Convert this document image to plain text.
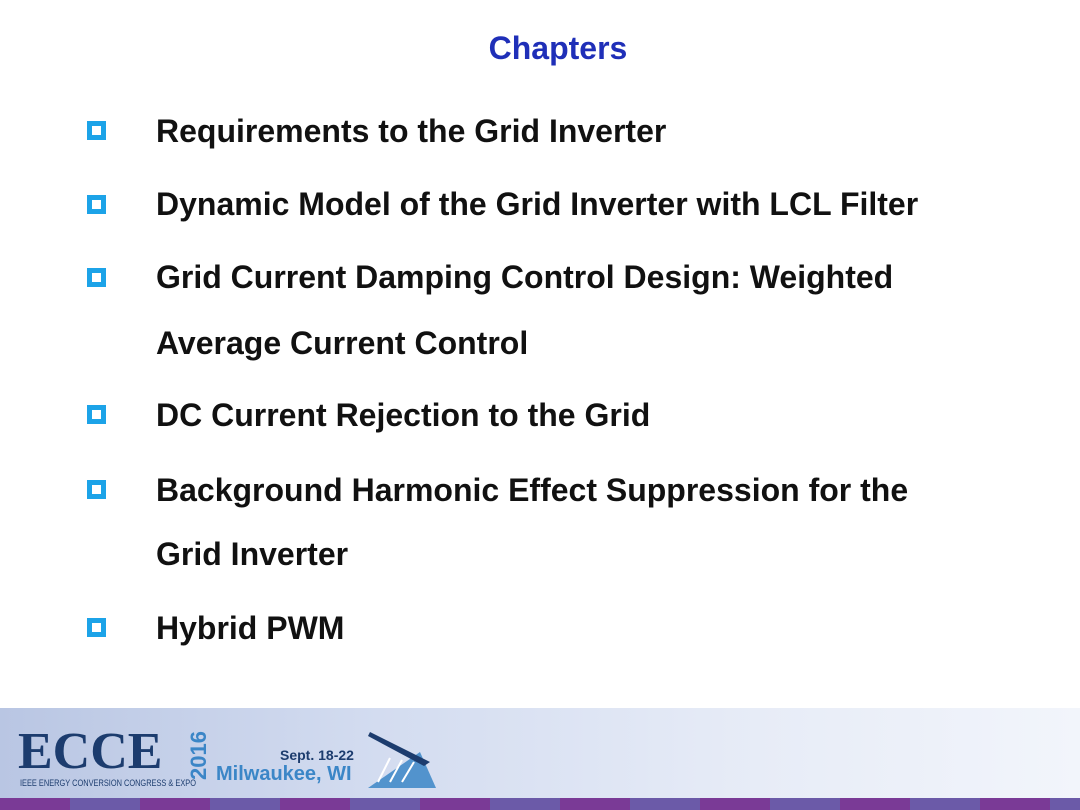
Chapters
Requirements to the Grid Inverter
Dynamic Model of the Grid Inverter with LCL Filter
Grid Current Damping Control Design: Weighted
Average Current Control
DC Current Rejection to the Grid
Background Harmonic Effect Suppression for the
Grid Inverter
Hybrid PWM
ECCE 2016
IEEE ENERGY CONVERSION CONGRESS & EXPO
Sept. 18-22
Milwaukee, WI
